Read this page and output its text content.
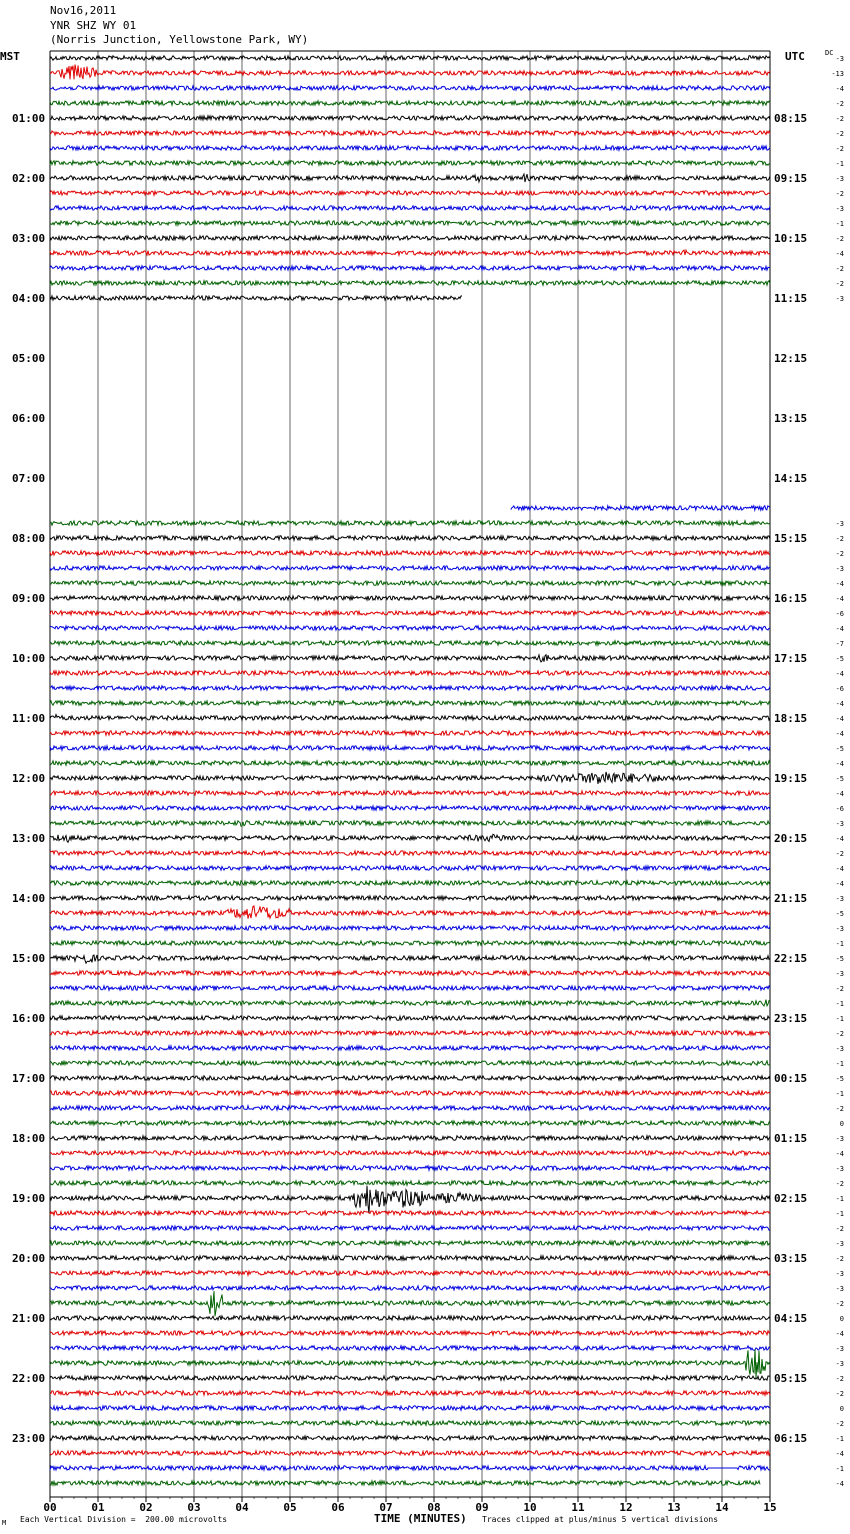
00	01	02	03	04	05	06	07	08	09	10	11	12	13	14	15
01:00
02:00
03:00
04:00
05:00
06:00
07:00
08:00
09:00
10:00
11:00
12:00
13:00
14:00
15:00
16:00
17:00
18:00
19:00
20:00
21:00
22:00
23:00
08:15
09:15
10:15
11:15
12:15
13:15
14:15
15:15
16:15
17:15
18:15
19:15
20:15
21:15
22:15
23:15
00:15
01:15
02:15
03:15
04:15
05:15
06:15
-3
-13
-4
-2
-2
-2
-2
-1
-3
-2
-3
-1
-2
-4
-2
-2
-3
-3
-2
-2
-3
-4
-4
-6
-4
-7
-5
-4
-6
-4
-4
-4
-5
-4
-5
-4
-6
-3
-4
-2
-4
-4
-3
-5
-3
-1
-5
-3
-2
-1
-1
-2
-3
-1
-5
-1
-2
0
-3
-4
-3
-2
-1
-1
-2
-3
-2
-3
-3
-2
0
-4
-3
-3
-2
-2
0
-2
-1
-4
-1
-4
Nov16,2011
YNR SHZ WY 01
(Norris Junction, Yellowstone Park, WY)
MST	UTC	DC
M Each Vertical Division =  200.00 microvolts	TIME (MINUTES) Traces clipped at plus/minus 5 vertical divisions
